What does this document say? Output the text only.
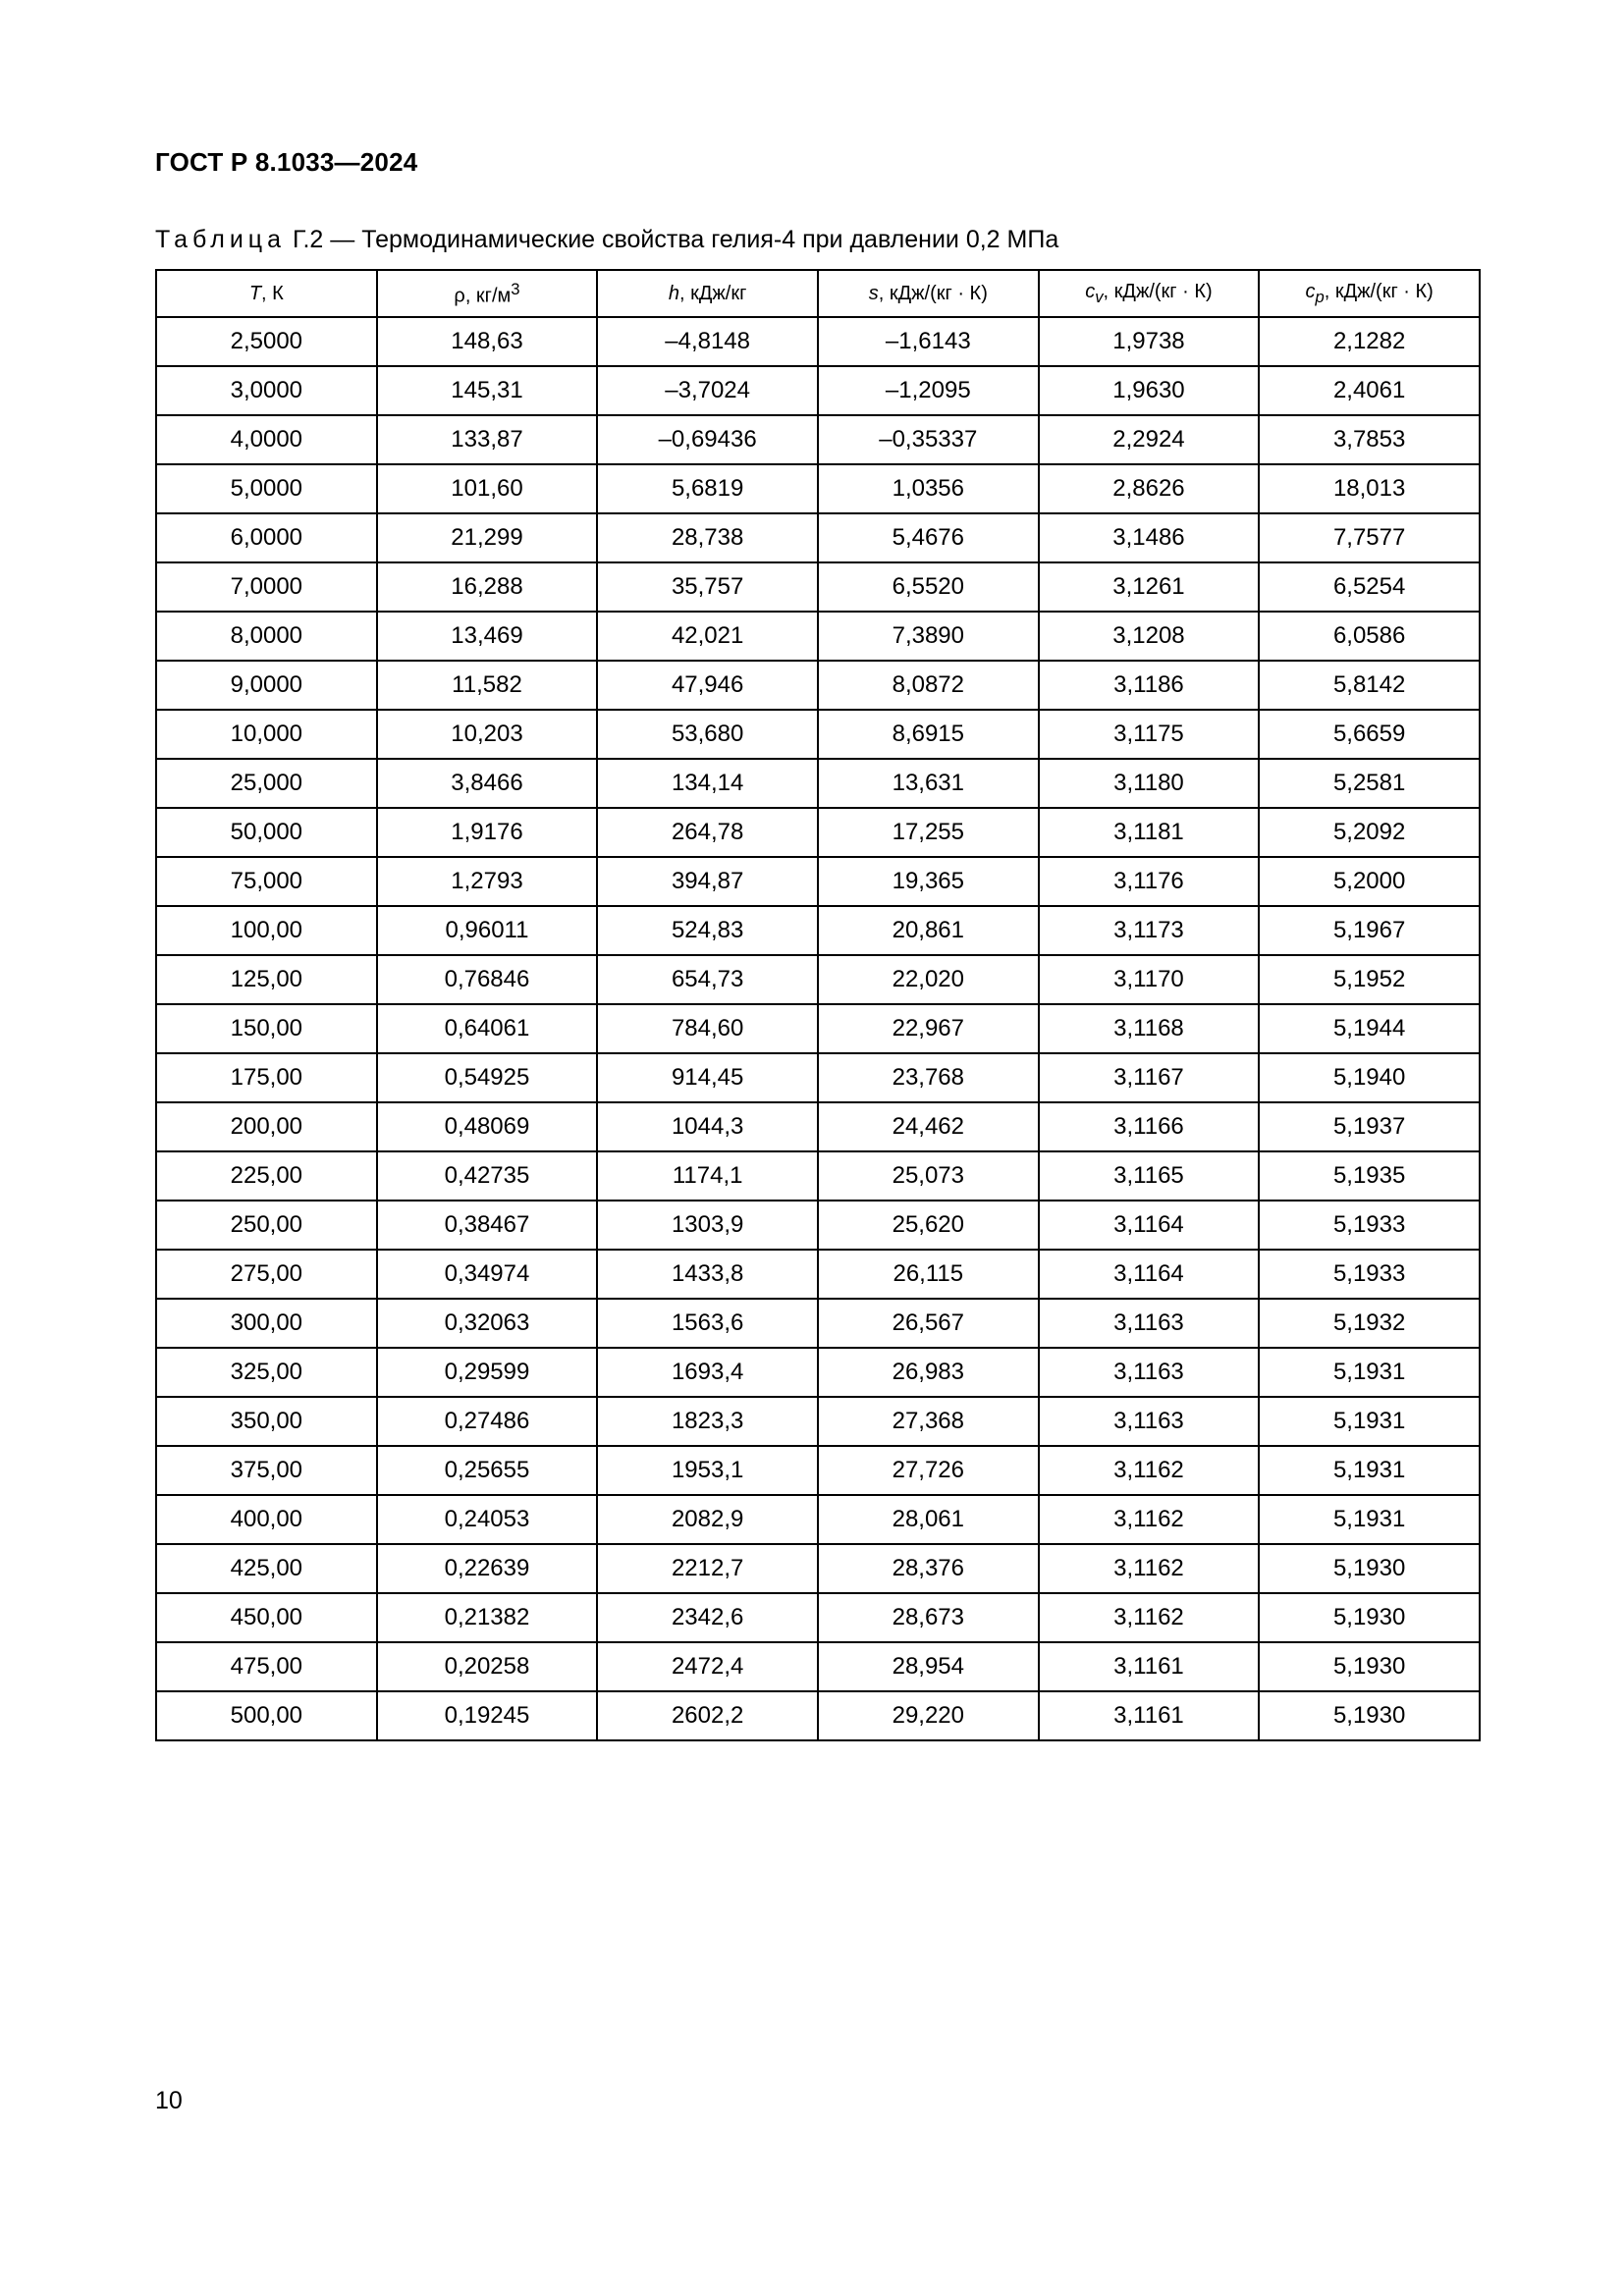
ГОСТ Р 8.1033—2024
Таблица Г.2 — Термодинамические свойства гелия-4 при давлении 0,2 МПа
T, К	ρ, $кг/м^3$	h, кДж/кг	s, кДж/(кг · К)	$c_v$, кДж/(кг · К)	$c_p$, кДж/(кг · К)
2,5000	148,63	–4,8148	–1,6143	1,9738	2,1282
3,0000	145,31	–3,7024	–1,2095	1,9630	2,4061
4,0000	133,87	–0,69436	–0,35337	2,2924	3,7853
5,0000	101,60	5,6819	1,0356	2,8626	18,013
6,0000	21,299	28,738	5,4676	3,1486	7,7577
7,0000	16,288	35,757	6,5520	3,1261	6,5254
8,0000	13,469	42,021	7,3890	3,1208	6,0586
9,0000	11,582	47,946	8,0872	3,1186	5,8142
10,000	10,203	53,680	8,6915	3,1175	5,6659
25,000	3,8466	134,14	13,631	3,1180	5,2581
50,000	1,9176	264,78	17,255	3,1181	5,2092
75,000	1,2793	394,87	19,365	3,1176	5,2000
100,00	0,96011	524,83	20,861	3,1173	5,1967
125,00	0,76846	654,73	22,020	3,1170	5,1952
150,00	0,64061	784,60	22,967	3,1168	5,1944
175,00	0,54925	914,45	23,768	3,1167	5,1940
200,00	0,48069	1044,3	24,462	3,1166	5,1937
225,00	0,42735	1174,1	25,073	3,1165	5,1935
250,00	0,38467	1303,9	25,620	3,1164	5,1933
275,00	0,34974	1433,8	26,115	3,1164	5,1933
300,00	0,32063	1563,6	26,567	3,1163	5,1932
325,00	0,29599	1693,4	26,983	3,1163	5,1931
350,00	0,27486	1823,3	27,368	3,1163	5,1931
375,00	0,25655	1953,1	27,726	3,1162	5,1931
400,00	0,24053	2082,9	28,061	3,1162	5,1931
425,00	0,22639	2212,7	28,376	3,1162	5,1930
450,00	0,21382	2342,6	28,673	3,1162	5,1930
475,00	0,20258	2472,4	28,954	3,1161	5,1930
500,00	0,19245	2602,2	29,220	3,1161	5,1930
10
